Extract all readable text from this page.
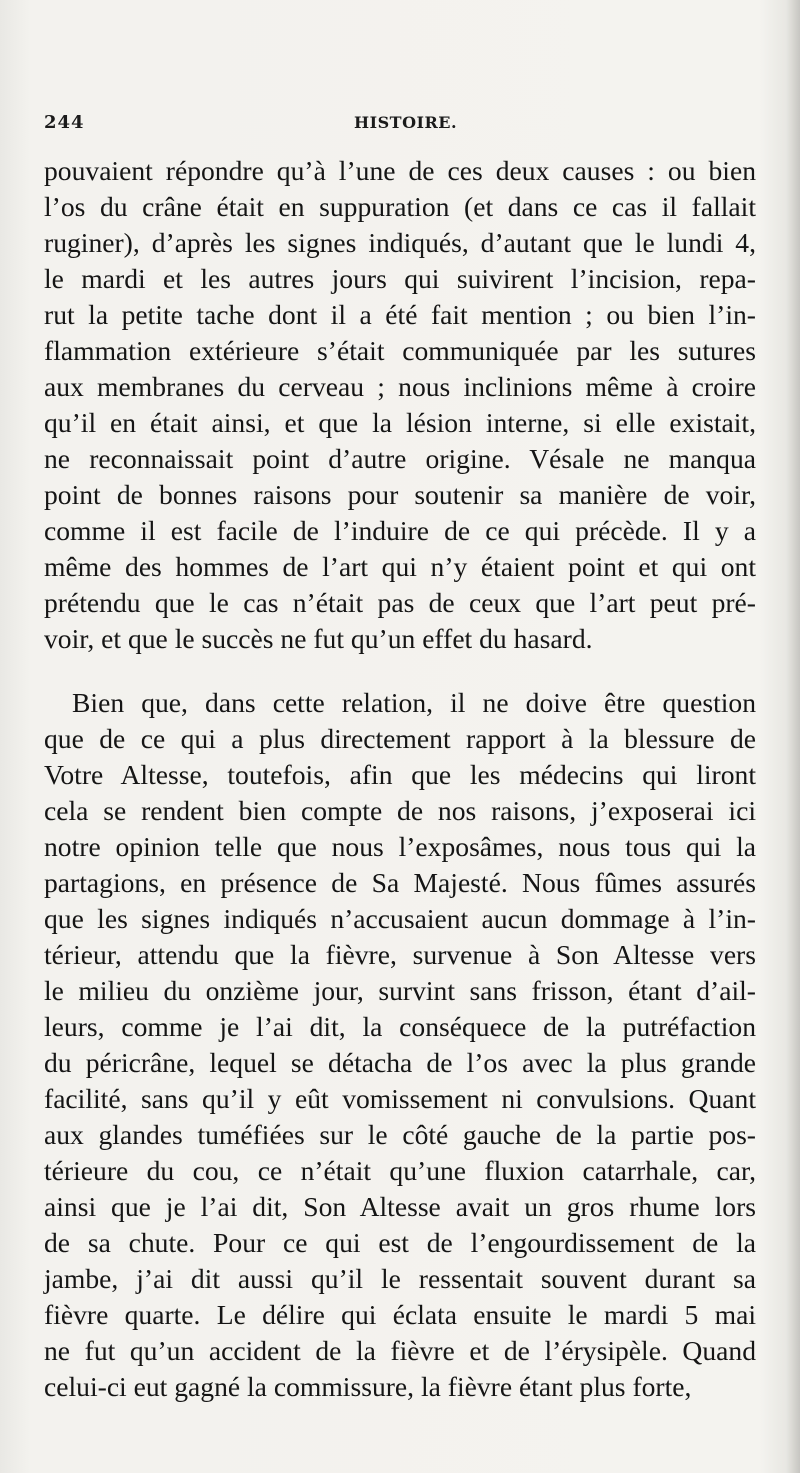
244	HISTOIRE.
pouvaient répondre qu’à l’une de ces deux causes : ou bien
l’os du crâne était en suppuration (et dans ce cas il fallait
ruginer), d’après les signes indiqués, d’autant que le lundi 4,
le mardi et les autres jours qui suivirent l’incision, repa-
rut la petite tache dont il a été fait mention ; ou bien l’in-
flammation extérieure s’était communiquée par les sutures
aux membranes du cerveau ; nous inclinions même à croire
qu’il en était ainsi, et que la lésion interne, si elle existait,
ne reconnaissait point d’autre origine. Vésale ne manqua
point de bonnes raisons pour soutenir sa manière de voir,
comme il est facile de l’induire de ce qui précède. Il y a
même des hommes de l’art qui n’y étaient point et qui ont
prétendu que le cas n’était pas de ceux que l’art peut pré-
voir, et que le succès ne fut qu’un effet du hasard.
Bien que, dans cette relation, il ne doive être question
que de ce qui a plus directement rapport à la blessure de
Votre Altesse, toutefois, afin que les médecins qui liront
cela se rendent bien compte de nos raisons, j’exposerai ici
notre opinion telle que nous l’exposâmes, nous tous qui la
partagions, en présence de Sa Majesté. Nous fûmes assurés
que les signes indiqués n’accusaient aucun dommage à l’in-
térieur, attendu que la fièvre, survenue à Son Altesse vers
le milieu du onzième jour, survint sans frisson, étant d’ail-
leurs, comme je l’ai dit, la conséquece de la putréfaction
du péricrâne, lequel se détacha de l’os avec la plus grande
facilité, sans qu’il y eût vomissement ni convulsions. Quant
aux glandes tuméfiées sur le côté gauche de la partie pos-
térieure du cou, ce n’était qu’une fluxion catarrhale, car,
ainsi que je l’ai dit, Son Altesse avait un gros rhume lors
de sa chute. Pour ce qui est de l’engourdissement de la
jambe, j’ai dit aussi qu’il le ressentait souvent durant sa
fièvre quarte. Le délire qui éclata ensuite le mardi 5 mai
ne fut qu’un accident de la fièvre et de l’érysipèle. Quand
celui-ci eut gagné la commissure, la fièvre étant plus forte,
